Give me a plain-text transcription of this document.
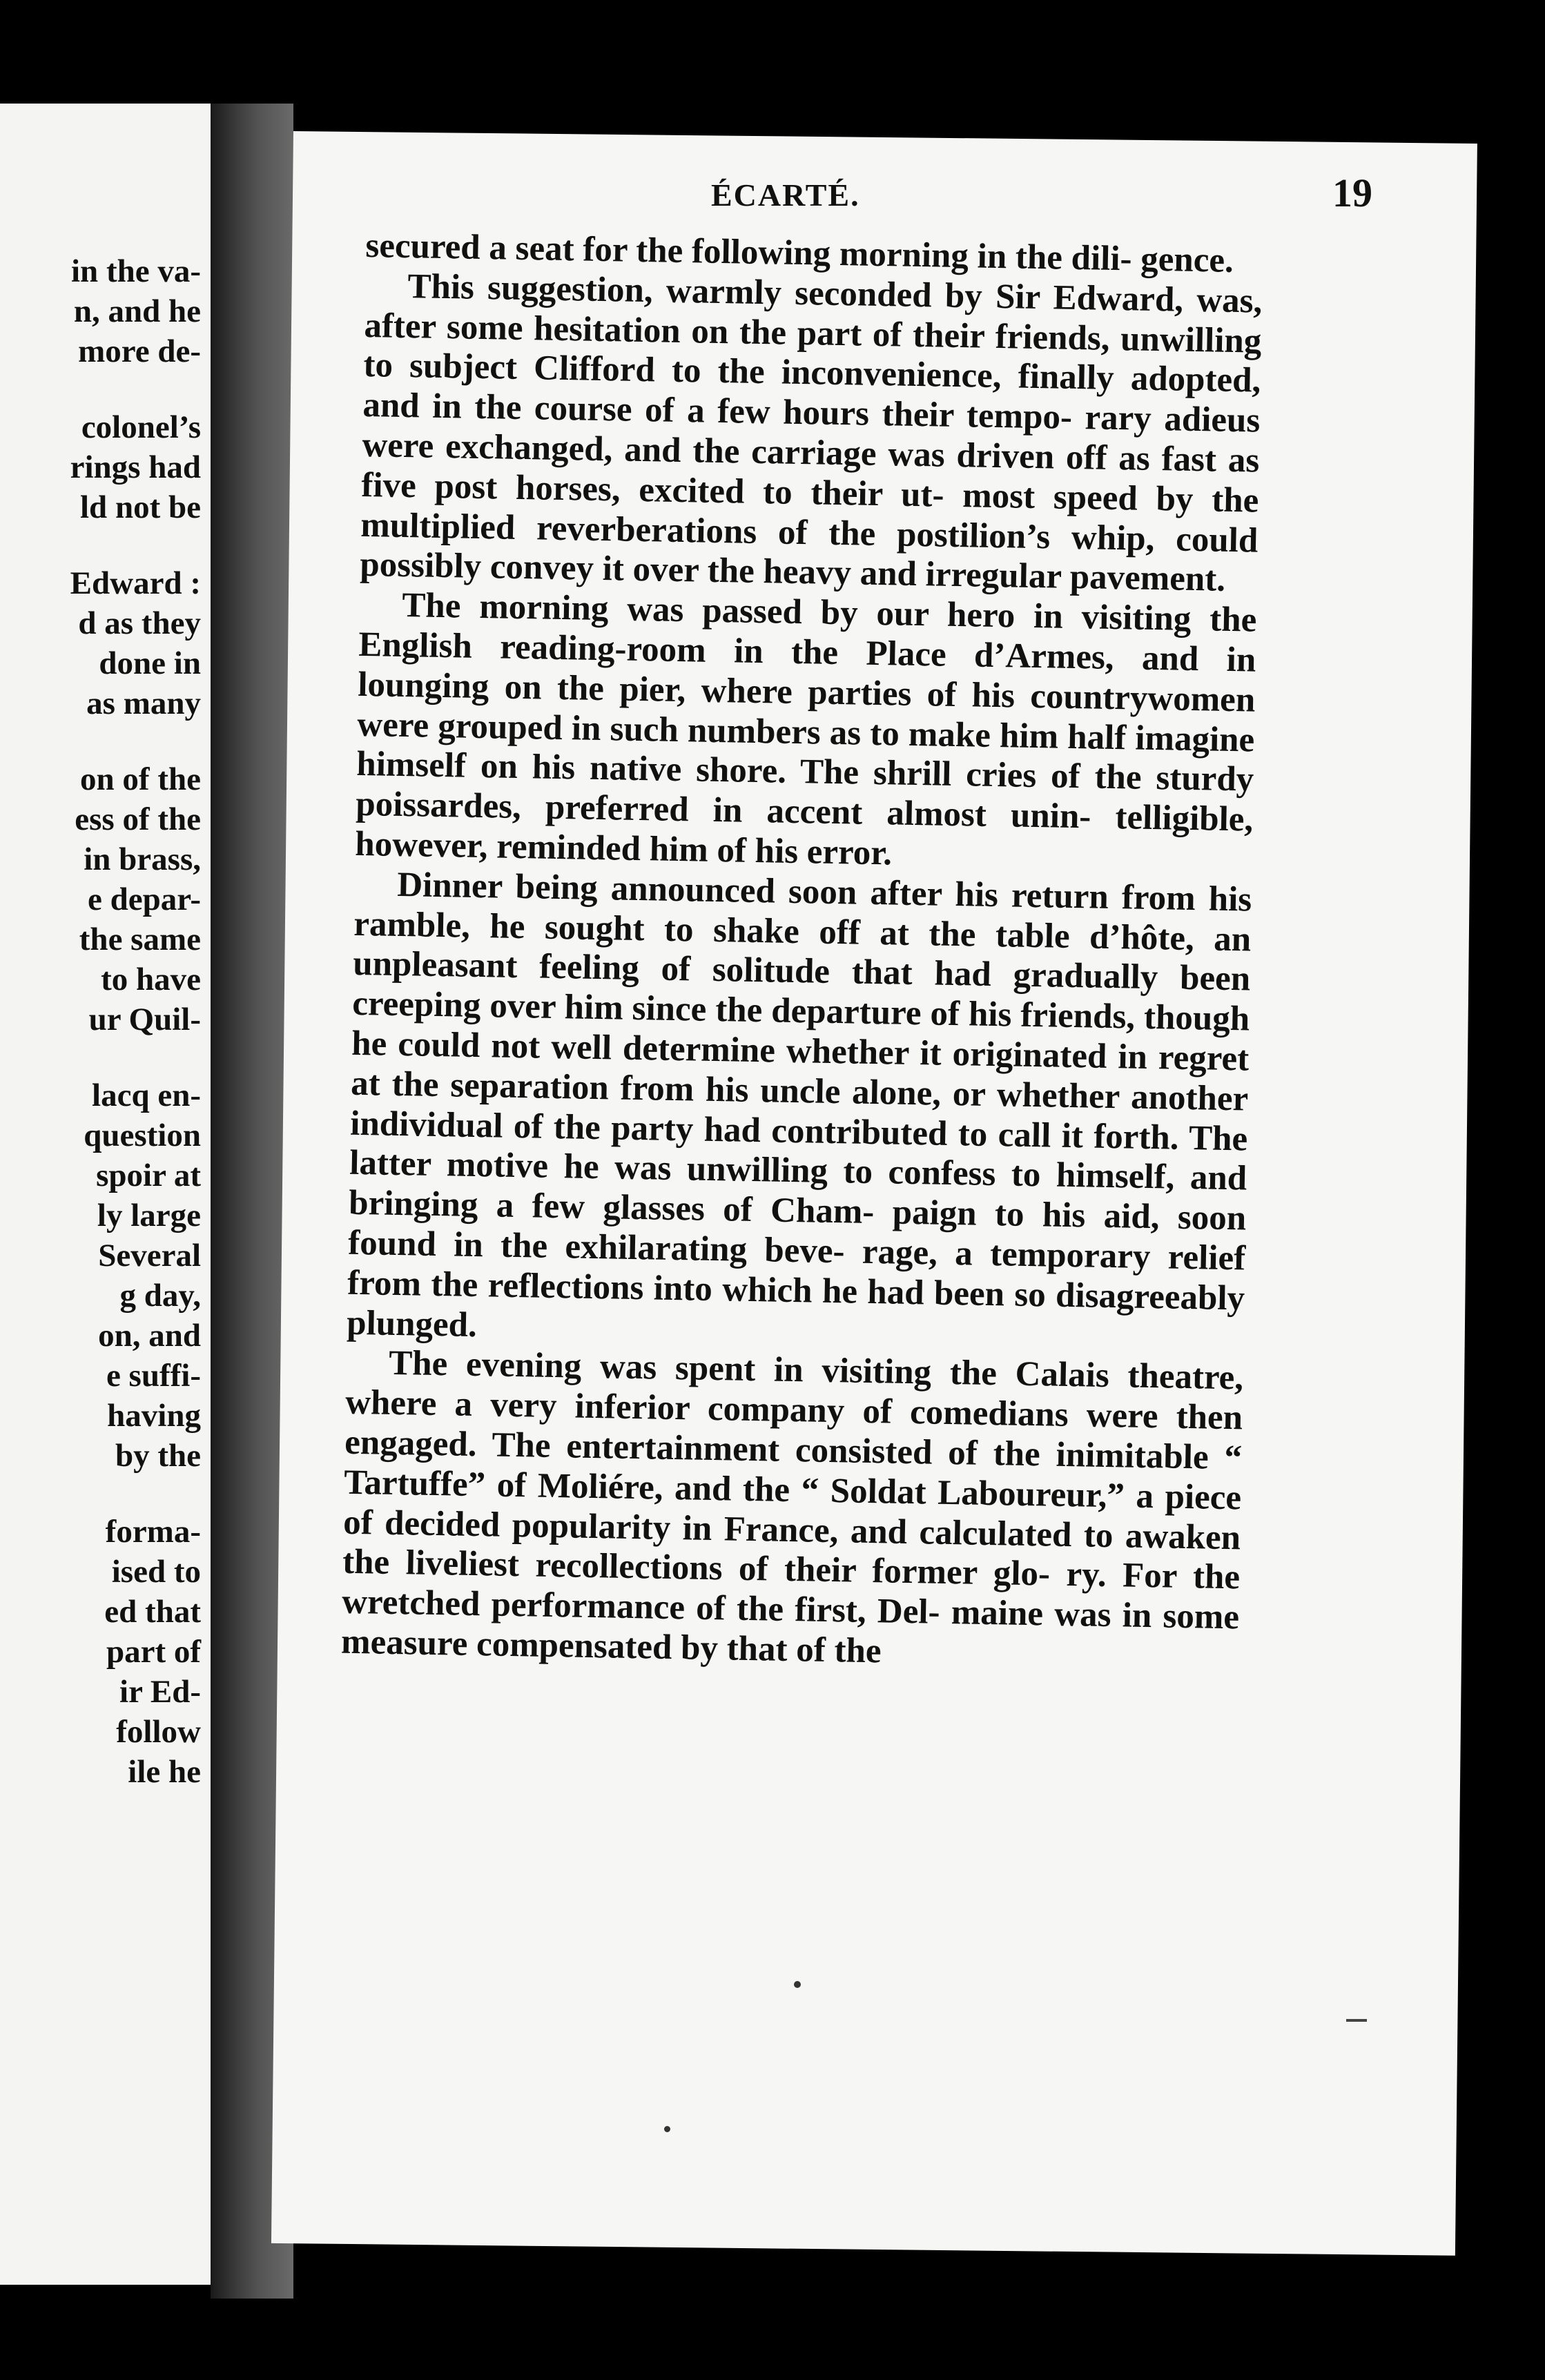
in the va-

n, and he

more de-

colonel’s

rings had

ld not be

Edward :

d as they

done in

as many

on of the

ess of the

in brass,

e depar-

the same

to have

ur Quil-

lacq en-

question

spoir at

ly large

Several

g day,

on, and

e suffi-

having

by the

forma-

ised to

ed that

part of

ir Ed-

follow

ile he

ÉCARTÉ.	19

secured a seat for the following morning in the dili- gence.

This suggestion, warmly seconded by Sir Edward, was, after some hesitation on the part of their friends, unwilling to subject Clifford to the inconvenience, finally adopted, and in the course of a few hours their tempo- rary adieus were exchanged, and the carriage was driven off as fast as five post horses, excited to their ut- most speed by the multiplied reverberations of the postilion’s whip, could possibly convey it over the heavy and irregular pavement.

The morning was passed by our hero in visiting the English reading-room in the Place d’Armes, and in lounging on the pier, where parties of his countrywomen were grouped in such numbers as to make him half imagine himself on his native shore. The shrill cries of the sturdy poissardes, preferred in accent almost unin- telligible, however, reminded him of his error.

Dinner being announced soon after his return from his ramble, he sought to shake off at the table d’hôte, an unpleasant feeling of solitude that had gradually been creeping over him since the departure of his friends, though he could not well determine whether it originated in regret at the separation from his uncle alone, or whether another individual of the party had contributed to call it forth. The latter motive he was unwilling to confess to himself, and bringing a few glasses of Cham- paign to his aid, soon found in the exhilarating beve- rage, a temporary relief from the reflections into which he had been so disagreeably plunged.

The evening was spent in visiting the Calais theatre, where a very inferior company of comedians were then engaged. The entertainment consisted of the inimitable “ Tartuffe” of Moliére, and the “ Soldat Laboureur,” a piece of decided popularity in France, and calculated to awaken the liveliest recollections of their former glo- ry. For the wretched performance of the first, Del- maine was in some measure compensated by that of the
